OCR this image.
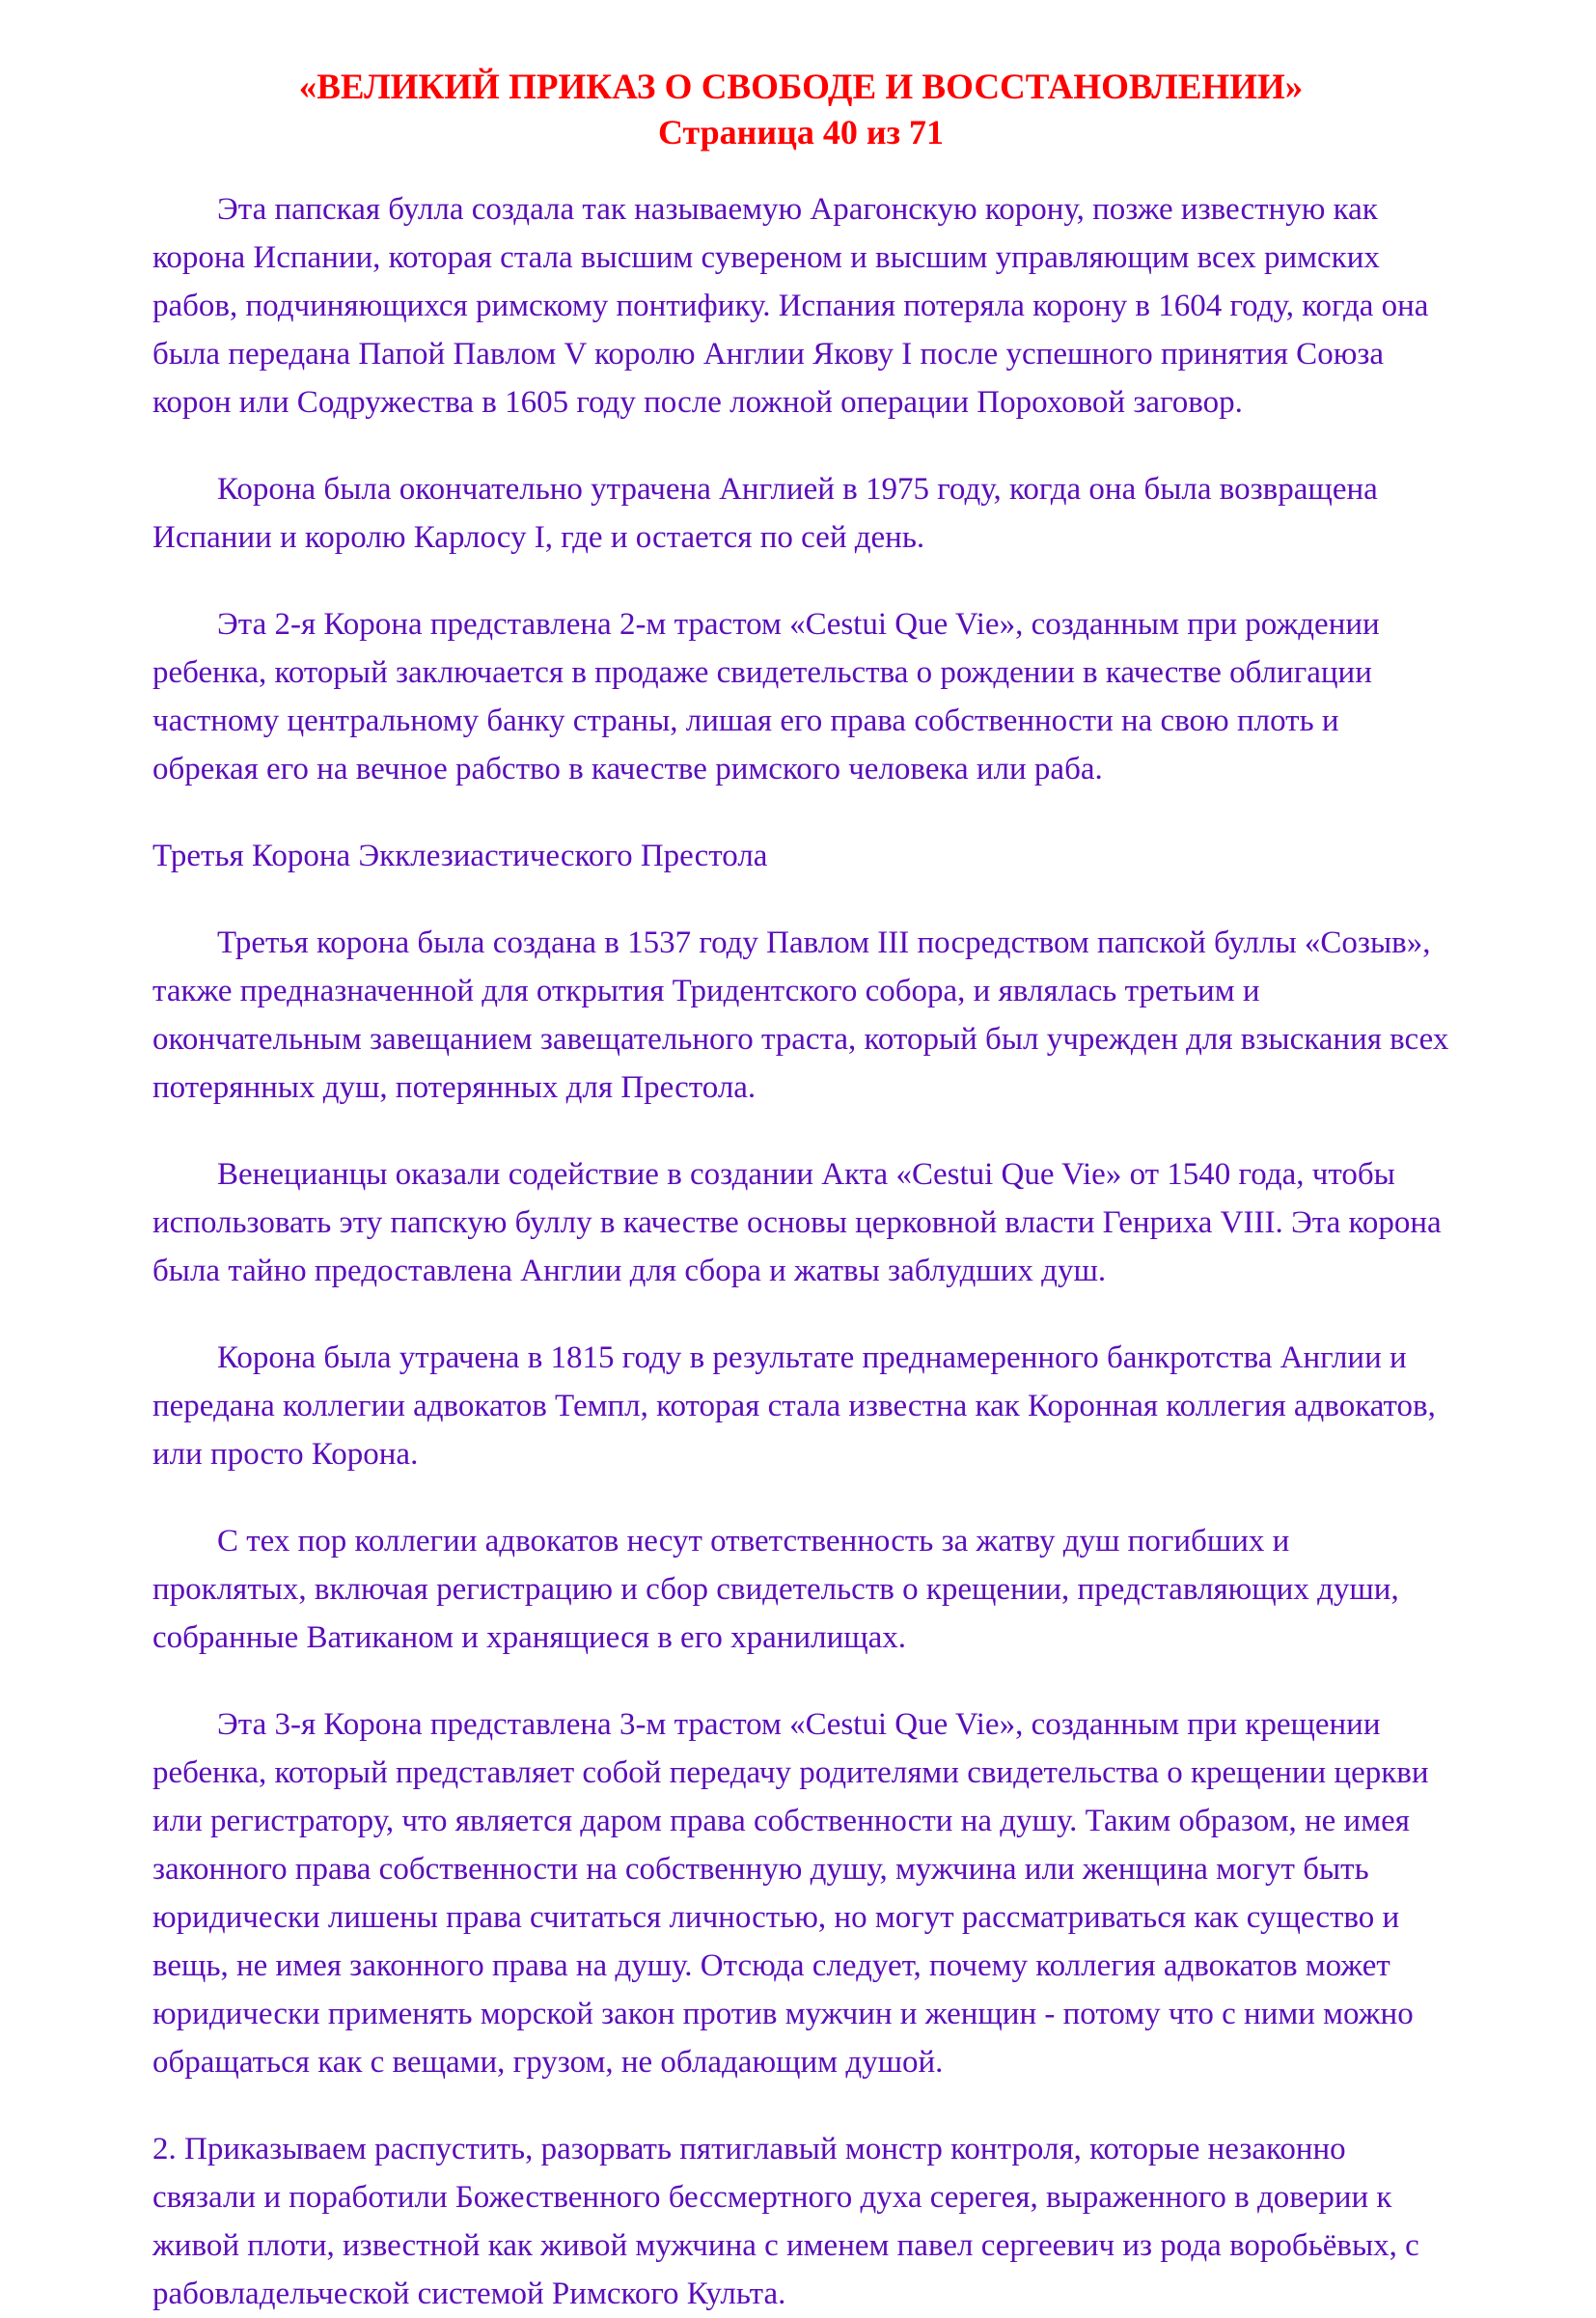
«ВЕЛИКИЙ ПРИКАЗ О СВОБОДЕ И ВОССТАНОВЛЕНИИ»
Страница 40 из 71

Эта папская булла создала так называемую Арагонскую корону, позже известную как корона Испании, которая стала высшим сувереном и высшим управляющим всех римских рабов, подчиняющихся римскому понтифику. Испания потеряла корону в 1604 году, когда она была передана Папой Павлом V королю Англии Якову I после успешного принятия Союза корон или Содружества в 1605 году после ложной операции Пороховой заговор.

Корона была окончательно утрачена Англией в 1975 году, когда она была возвращена Испании и королю Карлосу I, где и остается по сей день.

Эта 2-я Корона представлена 2-м трастом «Cestui Que Vie», созданным при рождении ребенка, который заключается в продаже свидетельства о рождении в качестве облигации частному центральному банку страны, лишая его права собственности на свою плоть и обрекая его на вечное рабство в качестве римского человека или раба.

Третья Корона Экклезиастического Престола

Третья корона была создана в 1537 году Павлом III посредством папской буллы «Созыв», также предназначенной для открытия Тридентского собора, и являлась третьим и окончательным завещанием завещательного траста, который был учрежден для взыскания всех потерянных душ, потерянных для Престола.

Венецианцы оказали содействие в создании Акта «Cestui Que Vie» от 1540 года, чтобы использовать эту папскую буллу в качестве основы церковной власти Генриха VIII. Эта корона была тайно предоставлена Англии для сбора и жатвы заблудших душ.

Корона была утрачена в 1815 году в результате преднамеренного банкротства Англии и передана коллегии адвокатов Темпл, которая стала известна как Коронная коллегия адвокатов, или просто Корона.

С тех пор коллегии адвокатов несут ответственность за жатву душ погибших и проклятых, включая регистрацию и сбор свидетельств о крещении, представляющих души, собранные Ватиканом и хранящиеся в его хранилищах.

Эта 3-я Корона представлена 3-м трастом «Cestui Que Vie», созданным при крещении ребенка, который представляет собой передачу родителями свидетельства о крещении церкви или регистратору, что является даром права собственности на душу. Таким образом, не имея законного права собственности на собственную душу, мужчина или женщина могут быть юридически лишены права считаться личностью, но могут рассматриваться как существо и вещь, не имея законного права на душу. Отсюда следует, почему коллегия адвокатов может юридически применять морской закон против мужчин и женщин - потому что с ними можно обращаться как с вещами, грузом, не обладающим душой.

2. Приказываем распустить, разорвать пятиглавый монстр контроля, которые незаконно связали и поработили Божественного бессмертного духа серегея, выраженного в доверии к живой плоти, известной как живой мужчина с именем павел сергеевич из рода воробьёвых, с рабовладельческой системой Римского Культа.
